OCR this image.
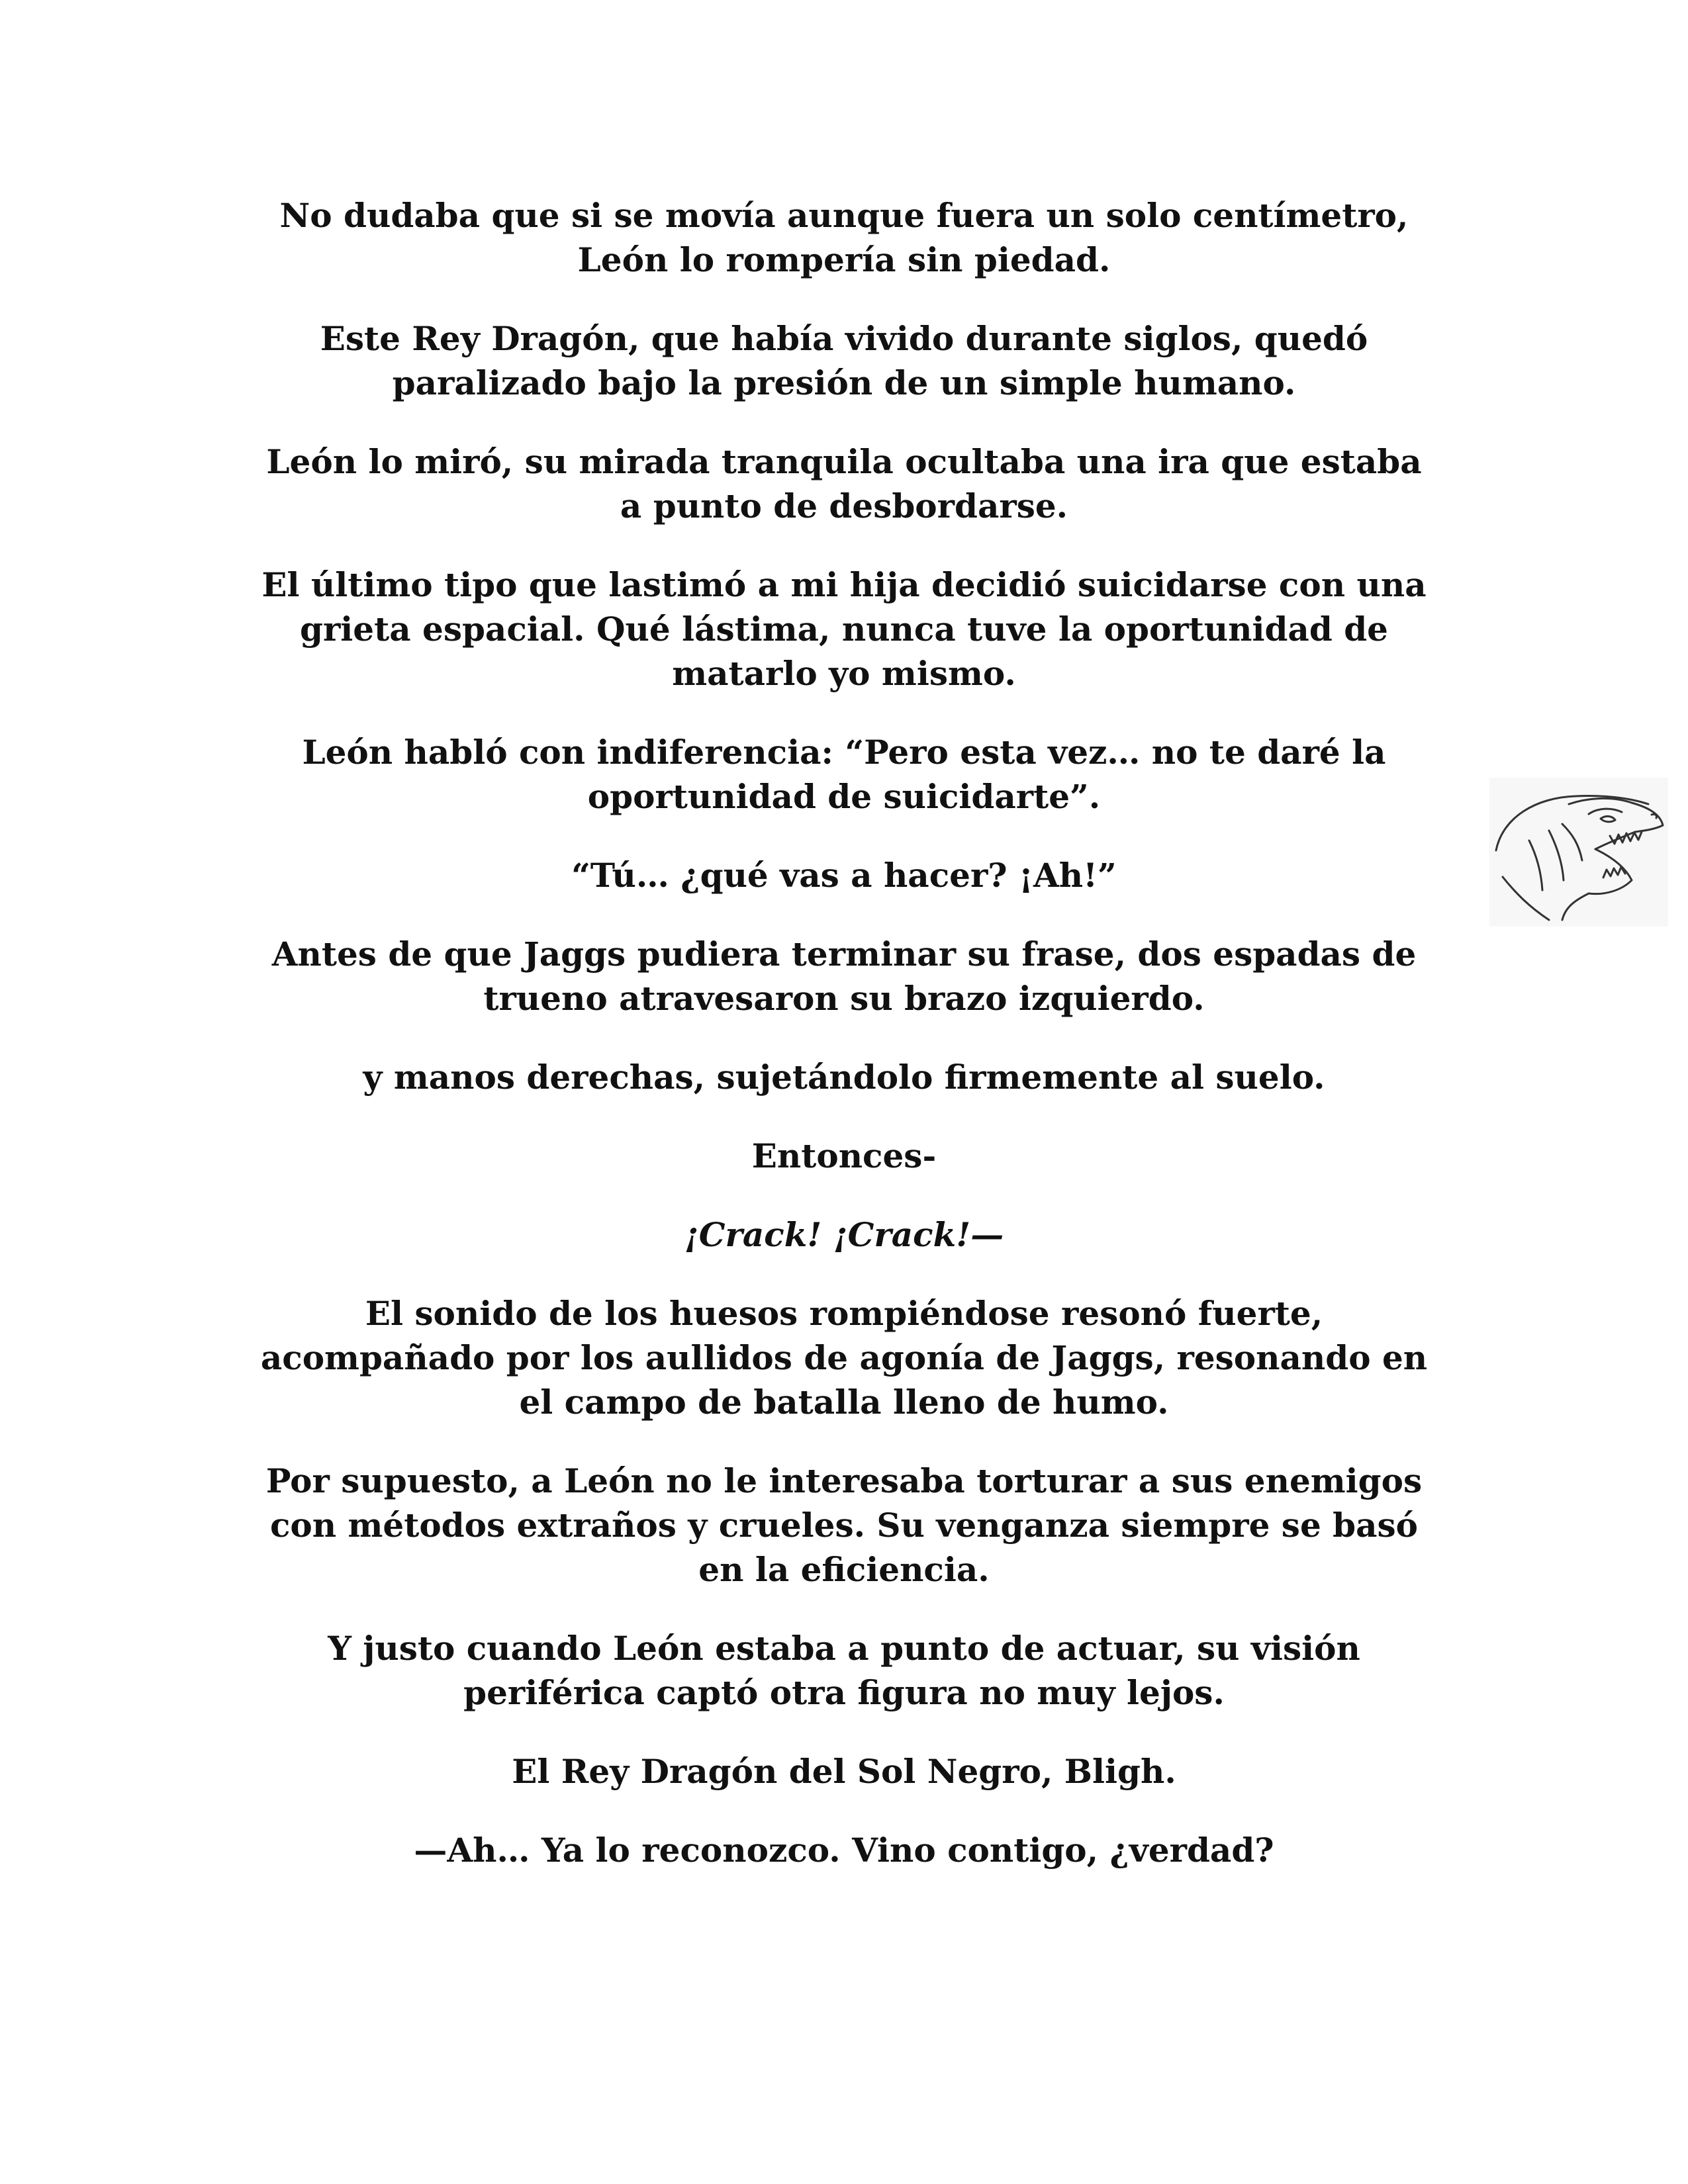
No dudaba que si se movía aunque fuera un solo centímetro,
León lo rompería sin piedad.

Este Rey Dragón, que había vivido durante siglos, quedó
paralizado bajo la presión de un simple humano.

León lo miró, su mirada tranquila ocultaba una ira que estaba
a punto de desbordarse.

El último tipo que lastimó a mi hija decidió suicidarse con una
grieta espacial. Qué lástima, nunca tuve la oportunidad de
matarlo yo mismo.

León habló con indiferencia: “Pero esta vez… no te daré la
oportunidad de suicidarte”.

“Tú… ¿qué vas a hacer? ¡Ah!”

Antes de que Jaggs pudiera terminar su frase, dos espadas de
trueno atravesaron su brazo izquierdo.

y manos derechas, sujetándolo firmemente al suelo.

Entonces-

¡Crack! ¡Crack!—

El sonido de los huesos rompiéndose resonó fuerte,
acompañado por los aullidos de agonía de Jaggs, resonando en
el campo de batalla lleno de humo.

Por supuesto, a León no le interesaba torturar a sus enemigos
con métodos extraños y crueles. Su venganza siempre se basó
en la eficiencia.

Y justo cuando León estaba a punto de actuar, su visión
periférica captó otra figura no muy lejos.

El Rey Dragón del Sol Negro, Bligh.

—Ah… Ya lo reconozco. Vino contigo, ¿verdad?
